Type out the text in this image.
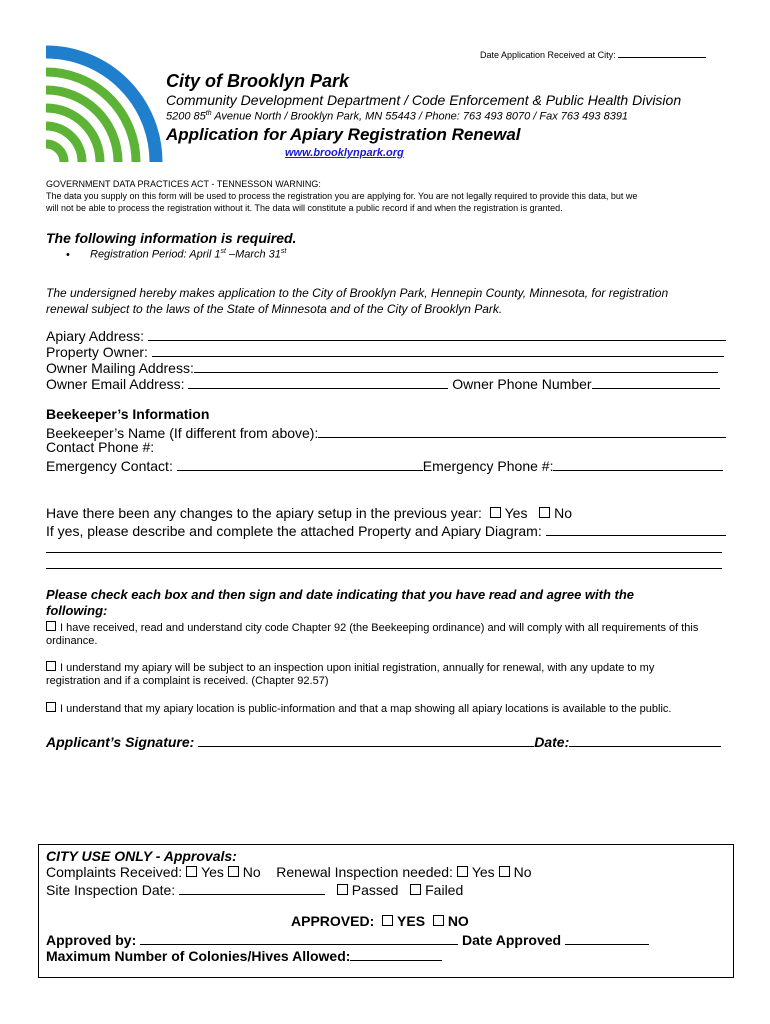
Date Application Received at City:
City of Brooklyn Park
Community Development Department / Code Enforcement & Public Health Division
5200 85th Avenue North / Brooklyn Park, MN 55443 / Phone: 763 493 8070 / Fax 763 493 8391
Application for Apiary Registration Renewal
www.brooklynpark.org
GOVERNMENT DATA PRACTICES ACT - TENNESSON WARNING:
The data you supply on this form will be used to process the registration you are applying for. You are not legally required to provide this data, but we
will not be able to process the registration without it. The data will constitute a public record if and when the registration is granted.
The following information is required.
• Registration Period: April 1st –March 31st
The undersigned hereby makes application to the City of Brooklyn Park, Hennepin County, Minnesota, for registration
renewal subject to the laws of the State of Minnesota and of the City of Brooklyn Park.
Apiary Address:
Property Owner:
Owner Mailing Address:
Owner Email Address:	Owner Phone Number
Beekeeper’s Information
Beekeeper’s Name (If different from above):
Contact Phone #:
Emergency Contact:	Emergency Phone #:
Have there been any changes to the apiary setup in the previous year: Yes No
If yes, please describe and complete the attached Property and Apiary Diagram:
Please check each box and then sign and date indicating that you have read and agree with the
following:
I have received, read and understand city code Chapter 92 (the Beekeeping ordinance) and will comply with all requirements of this
ordinance.
I understand my apiary will be subject to an inspection upon initial registration, annually for renewal, with any update to my
registration and if a complaint is received. (Chapter 92.57)
I understand that my apiary location is public-information and that a map showing all apiary locations is available to the public.
Applicant’s Signature:	Date:
CITY USE ONLY - Approvals:
Complaints Received: Yes No Renewal Inspection needed: Yes No
Site Inspection Date:	Passed Failed
APPROVED: YES NO
Approved by:	Date Approved
Maximum Number of Colonies/Hives Allowed:
